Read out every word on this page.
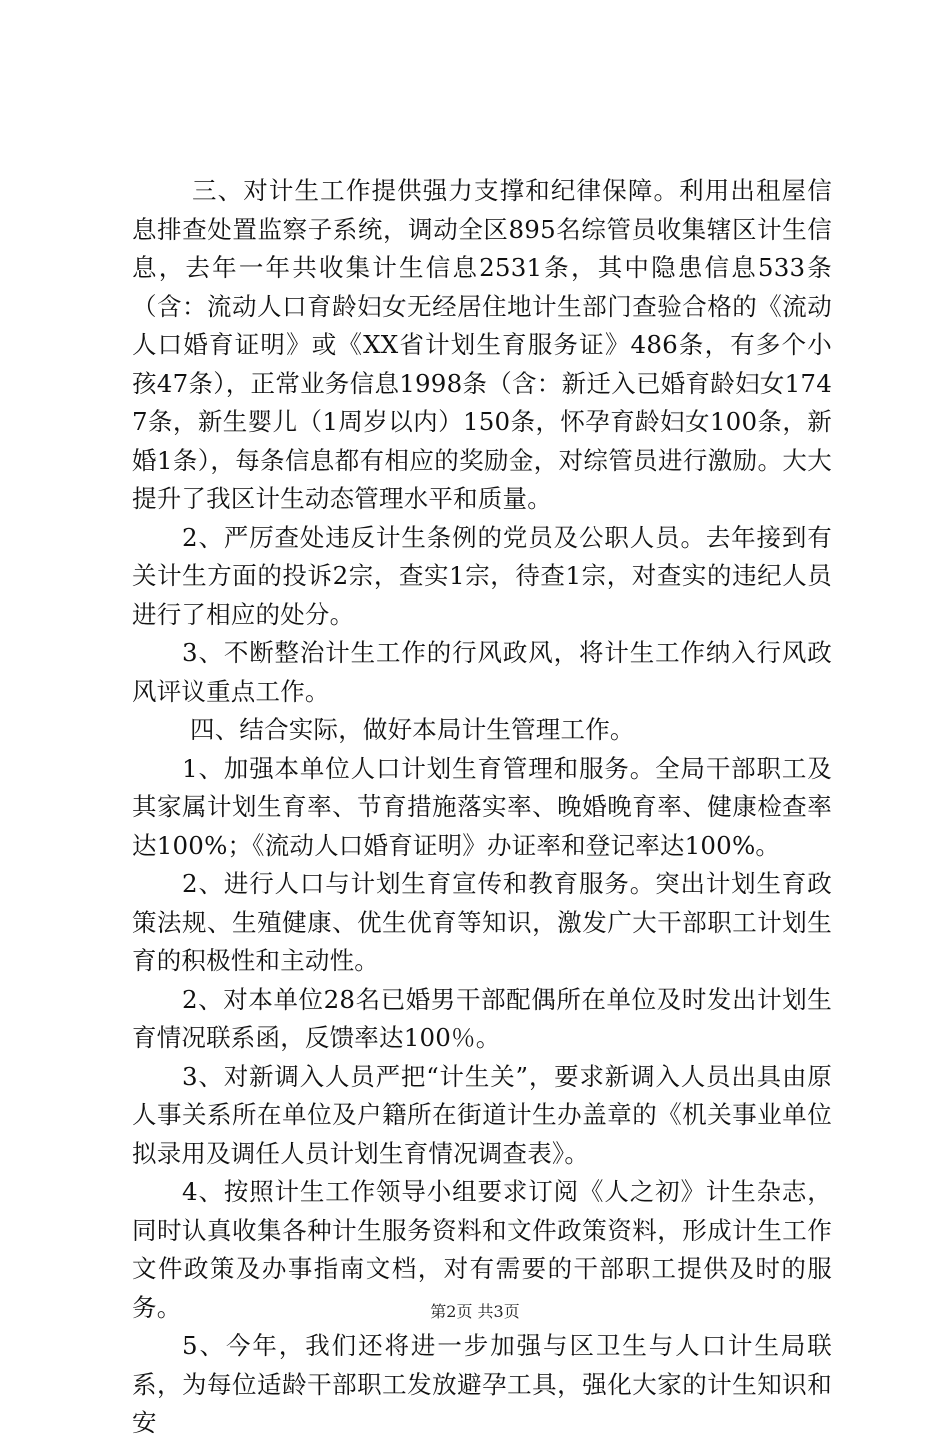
三、对计生工作提供强力支撑和纪律保障。利用出租屋信息排查处置监察子系统，调动全区895名综管员收集辖区计生信息，去年一年共收集计生信息2531条，其中隐患信息533条（含：流动人口育龄妇女无经居住地计生部门查验合格的《流动人口婚育证明》或《XX省计划生育服务证》486条，有多个小孩47条），正常业务信息1998条（含：新迁入已婚育龄妇女1747条，新生婴儿（1周岁以内）150条，怀孕育龄妇女100条，新婚1条），每条信息都有相应的奖励金，对综管员进行激励。大大提升了我区计生动态管理水平和质量。

2、严厉查处违反计生条例的党员及公职人员。去年接到有关计生方面的投诉2宗，查实1宗，待查1宗，对查实的违纪人员进行了相应的处分。

3、不断整治计生工作的行风政风，将计生工作纳入行风政风评议重点工作。

四、结合实际，做好本局计生管理工作。

1、加强本单位人口计划生育管理和服务。全局干部职工及其家属计划生育率、节育措施落实率、晚婚晚育率、健康检查率达100%；《流动人口婚育证明》办证率和登记率达100%。

2、进行人口与计划生育宣传和教育服务。突出计划生育政策法规、生殖健康、优生优育等知识，激发广大干部职工计划生育的积极性和主动性。

2、对本单位28名已婚男干部配偶所在单位及时发出计划生育情况联系函，反馈率达100％。

3、对新调入人员严把“计生关”，要求新调入人员出具由原人事关系所在单位及户籍所在街道计生办盖章的《机关事业单位拟录用及调任人员计划生育情况调查表》。

4、按照计生工作领导小组要求订阅《人之初》计生杂志，同时认真收集各种计生服务资料和文件政策资料，形成计生工作文件政策及办事指南文档，对有需要的干部职工提供及时的服务。

5、今年，我们还将进一步加强与区卫生与人口计生局联系，为每位适龄干部职工发放避孕工具，强化大家的计生知识和安

第2页 共3页
